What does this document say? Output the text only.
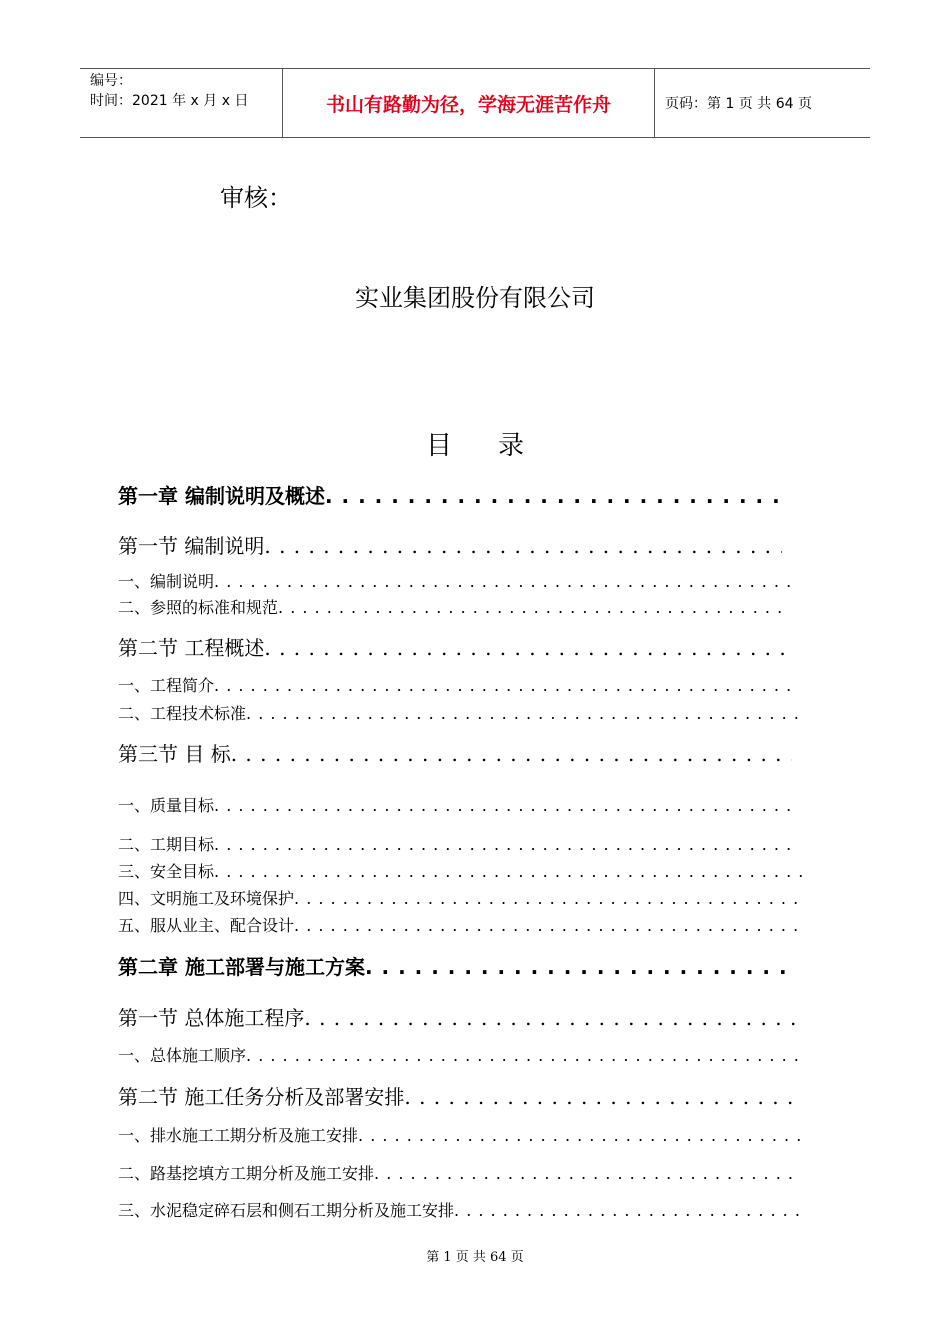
编号：
时间：2021 年 x 月 x 日	书山有路勤为径，学海无涯苦作舟	页码：第 1 页 共 64 页
审核：
实业集团股份有限公司
目录
第一章 编制说明及概述
. . .
第一节 编制说明
. . .
一、编制说明
. . .
二、参照的标准和规范
. . .
第二节 工程概述
. . .
一、工程简介
. . .
二、工程技术标准
. . .
第三节 目 标
. . .
一、质量目标
. . .
二、工期目标
. . .
三、安全目标
. . .
四、文明施工及环境保护
. . .
五、服从业主、配合设计
. . .
第二章 施工部署与施工方案
. . .
第一节 总体施工程序
. . .
一、总体施工顺序
. . .
第二节 施工任务分析及部署安排
. . .
一、排水施工工期分析及施工安排
. . .
二、路基挖填方工期分析及施工安排
. . .
三、水泥稳定碎石层和侧石工期分析及施工安排
. . .
第 1 页 共 64 页
